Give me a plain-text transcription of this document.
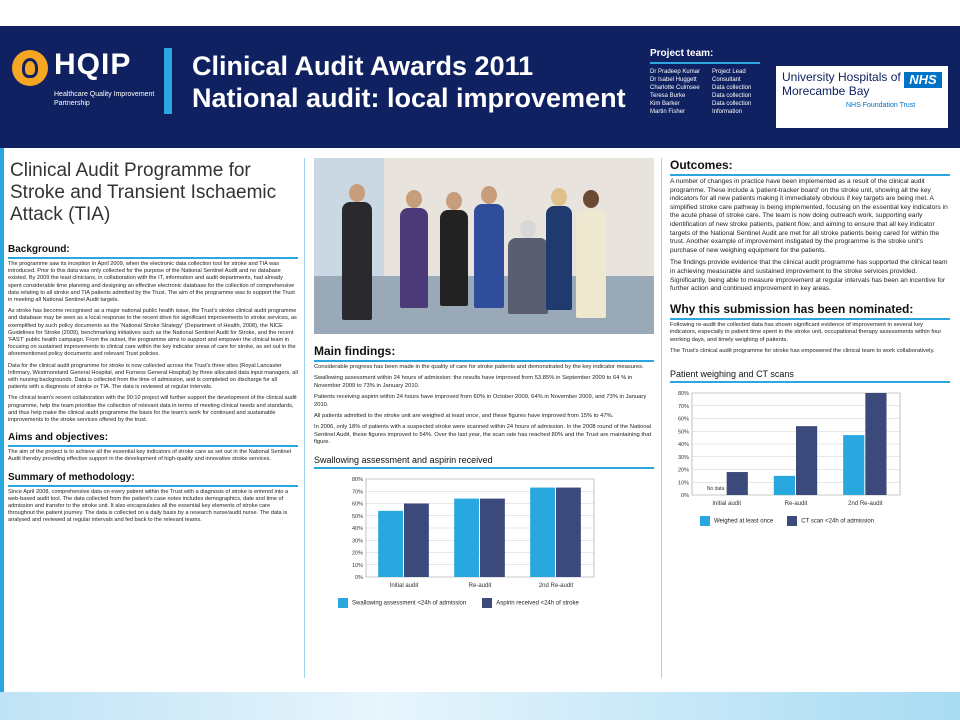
HQIP
Healthcare Quality Improvement Partnership
Clinical Audit Awards 2011
National audit: local improvement
Project team:
Dr Pradeep Kumar	Project Lead
Dr Isabel Huggett	Consultant
Charlotte Culmsee	Data collection
Teresa Burke	Data collection
Kim Barker	Data collection
Martin Fisher	Information
University Hospitals of Morecambe Bay
NHS
NHS Foundation Trust
Clinical Audit Programme for Stroke and Transient Ischaemic Attack (TIA)
Background:

The programme saw its inception in April 2009, when the electronic data collection tool for stroke and TIA was introduced. Prior to this data was only collected for the purpose of the National Sentinel Audit and no database existed. By 2009 the lead clinicians, in collaboration with the IT, information and audit departments, had already spent considerable time planning and designing an effective electronic database for the collection of comprehensive data relating to all stroke and TIA patients admitted by the Trust. The aim of the programme was to support the Trust in meeting all National Sentinel Audit targets.

As stroke has become recognised as a major national public health issue, the Trust's stroke clinical audit programme and database may be seen as a local response to the recent drive for significant improvements to stroke services, as exemplified by such policy documents as the 'National Stroke Strategy' (Department of Health, 2008), the NICE Guidelines for Stroke (2009), benchmarking initiatives such as the National Sentinel Audit for Stroke, and the recent 'FAST' public health campaign. From the outset, the programme aims to support and empower the clinical team in focusing on sustained improvements to clinical care within the key indicator areas of care for stroke, as set out in the aforementioned policy documents and relevant Trust policies.

Data for the clinical audit programme for stroke is now collected across the Trust's three sites (Royal Lancaster Infirmary, Westmoreland General Hospital, and Furness General Hospital) by three allocated data input managers, all with nursing backgrounds. Data is collected from the time of admission, and is completed on discharge for all patients with a diagnosis of stroke or TIA. The data is reviewed at regular intervals.

The clinical team's recent collaboration with the 90:10 project will further support the development of the clinical audit programme, help the team prioritise the collection of relevant data in terms of meeting clinical needs and standards, and thus help make the clinical audit programme the basis for the team's work for continued and sustainable improvements to the stroke services offered by the trust.

Aims and objectives:

The aim of the project is to achieve all the essential key indicators of stroke care as set out in the National Sentinel Audit thereby providing effective support in the development of high-quality and innovative stroke services.

Summary of methodology:

Since April 2008, comprehensive data on every patient within the Trust with a diagnosis of stroke is entered into a web-based audit tool. The data collected from the patient's case notes includes demographics, date and time of admission and transfer to the stroke unit. It also encapsulates all the essential key elements of stroke care throughout the patient journey. The data is collected on a daily basis by a research nurse/audit nurse. The data is analysed and reviewed at regular intervals and fed back to the relevant teams.

Main findings:

Considerable progress has been made in the quality of care for stroke patients and demonstrated by the key indicator measures.

Swallowing assessment within 24 hours of admission: the results have improved from 53.85% in September 2009 to 64 % in November 2009 to 73% in January 2010.

Patients receiving aspirin within 24 hours have improved from 60% in October 2009, 64% in November 2009, and 73% in January 2010.

All patients admitted to the stroke unit are weighed at least once, and these figures have improved from 15% to 47%.

In 2006, only 18% of patients with a suspected stroke were scanned within 24 hours of admission. In the 2008 round of the National Sentinel Audit, these figures improved to 54%. Over the last year, the scan rate has reached 80% and the Trust are maintaining that figure.

Swallowing assessment and aspirin received
0%
10%
20%
30%
40%
50%
60%
70%
80%
Initial audit	Re-audit	2nd Re-audit
Swallowing assessment <24h of admission	Aspirin received <24h of stroke
Outcomes:

A number of changes in practice have been implemented as a result of the clinical audit programme. These include a 'patient-tracker board' on the stroke unit, showing all the key indicators for all new patients making it immediately obvious if key targets are being met. A simplified stroke care pathway is being implemented, focusing on the essential key indicators in the acute phase of stroke care. The team is now doing outreach work, supporting early identification of new stroke patients, patient flow, and aiming to ensure that all key indicator targets of the National Sentinel Audit are met for all stroke patients being cared for within the trust. Another example of improvement instigated by the programme is the stroke unit's purchase of new weighing equipment for the patients.

The findings provide evidence that the clinical audit programme has supported the clinical team in achieving measurable and sustained improvement to the stroke services provided. Significantly, being able to measure improvement at regular intervals has been an incentive for further action and continued improvement in key areas.

Why this submission has been nominated:

Following re-audit the collected data has shown significant evidence of improvement in several key indicators, especially in patient time spent in the stroke unit, occupational therapy assessments within four working days, and timely weighing of patients.

The Trust's clinical audit programme for stroke has empowered the clinical team to work collaboratively.

Patient weighing and CT scans
0%
10%
20%
30%
40%
50%
60%
70%
80%
No data
Initial audit	Re-audit	2nd Re-audit
Weighed at least once	CT scan <24h of admission
